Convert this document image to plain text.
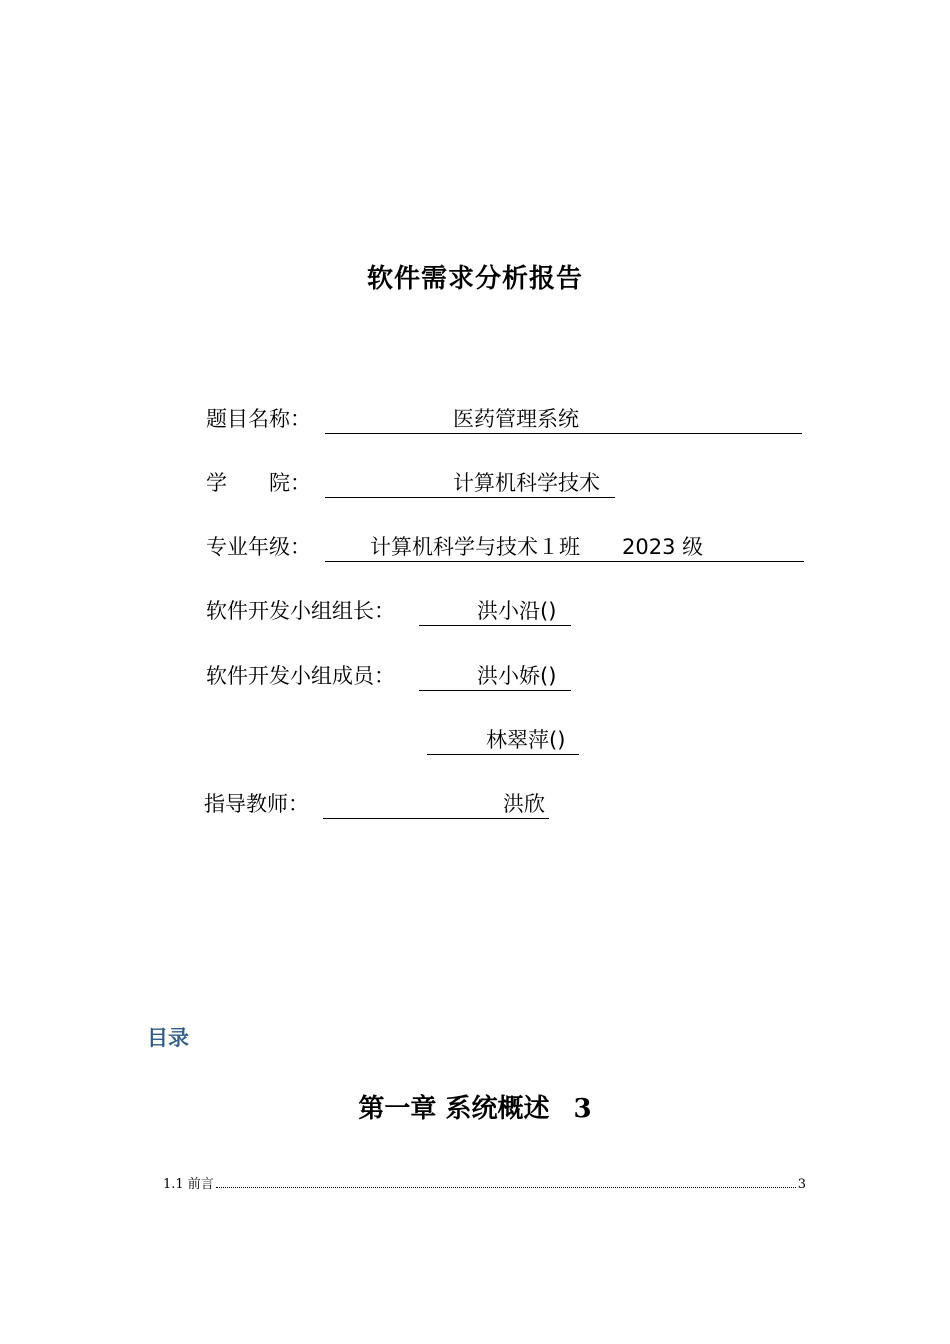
软件需求分析报告
题目名称：	医药管理系统
学　　院：	计算机科学技术
专业年级：	计算机科学与技术１班　　2023 级
软件开发小组组长：	洪小沿()
软件开发小组成员：	洪小娇()
林翠萍()
指导教师：	洪欣
目录
第一章 系统概述 3
1.1 前言	3
